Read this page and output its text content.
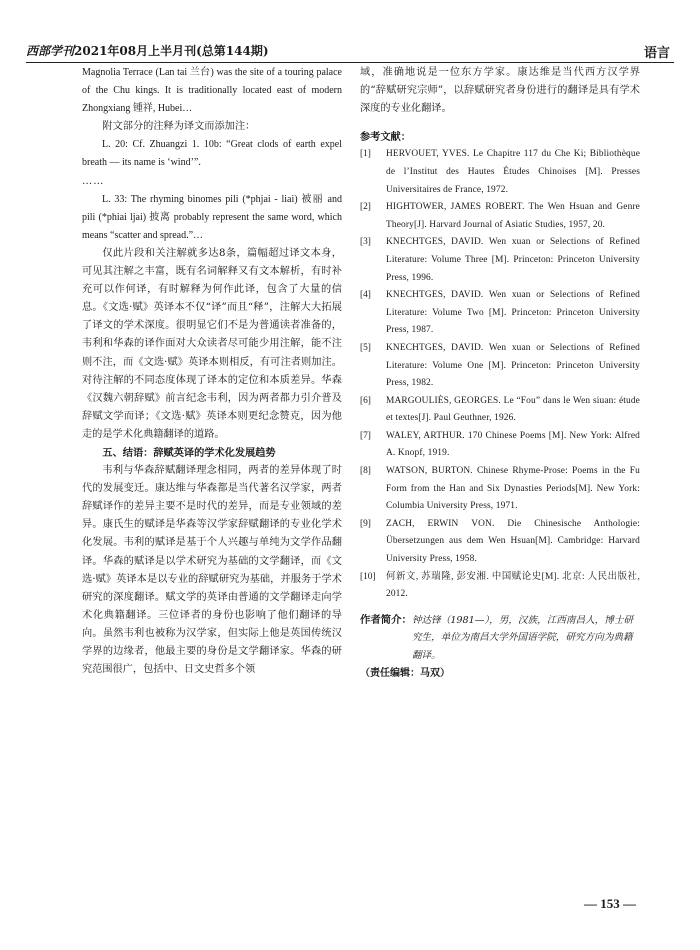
西部学刊2021年08月上半月刊(总第144期)	语言

Magnolia Terrace (Lan tai 兰台) was the site of a touring palace of the Chu kings. It is traditionally located east of modern Zhongxiang 锺祥, Hubei…

附文部分的注释为译文而添加注：

L. 20: Cf. Zhuangzi 1. 10b: “Great clods of earth expel breath — its name is ‘wind’”.

……

L. 33: The rhyming binomes pili (*phjai - liai) 被丽 and pili (*phiai ljai) 披离 probably represent the same word, which means “scatter and spread.”…

仅此片段和关注解就多达8条，篇幅超过译文本身，可见其注解之丰富，既有名词解释又有文本解析，有时补充可以作何译，有时解释为何作此译，包含了大量的信息。《文选·赋》英译本不仅“译”而且“释”，注解大大拓展了译文的学术深度。很明显它们不是为普通读者准备的，韦利和华森的译作面对大众读者尽可能少用注解，能不注则不注，而《文选·赋》英译本则相反，有可注者则加注。对待注解的不同态度体现了译本的定位和本质差异。华森《汉魏六朝辞赋》前言纪念韦利，因为两者都力引介普及辞赋文学而译；《文选·赋》英译本则更纪念赞克，因为他走的是学术化典籍翻译的道路。

五、结语：辞赋英译的学术化发展趋势

韦利与华森辞赋翻译理念相同，两者的差异体现了时代的发展变迁。康达维与华森都是当代著名汉学家，两者辞赋译作的差异主要不是时代的差异，而是专业领域的差异。康氏生的赋译是华森等汉学家辞赋翻译的专业化学术化发展。韦利的赋译是基于个人兴趣与单纯为文学作品翻译。华森的赋译是以学术研究为基础的文学翻译，而《文选·赋》英译本是以专业的辞赋研究为基础，并服务于学术研究的深度翻译。赋文学的英译由普通的文学翻译走向学术化典籍翻译。三位译者的身份也影响了他们翻译的导向。虽然韦利也被称为汉学家，但实际上他是英国传统汉学界的边缘者，他最主要的身份是文学翻译家。华森的研究范围很广，包括中、日文史哲多个领

域，准确地说是一位东方学家。康达维是当代西方汉学界的“辞赋研究宗师”，以辞赋研究者身份进行的翻译是具有学术深度的专业化翻译。

参考文献：

[1]	HERVOUET, YVES. Le Chapitre 117 du Che Ki; Bibliothèque de l’Institut des Hautes Études Chinoises [M]. Presses Universitaires de France, 1972.
[2]	HIGHTOWER, JAMES ROBERT. The Wen Hsuan and Genre Theory[J]. Harvard Journal of Asiatic Studies, 1957, 20.
[3]	KNECHTGES, DAVID. Wen xuan or Selections of Refined Literature: Volume Three [M]. Princeton: Princeton University Press, 1996.
[4]	KNECHTGES, DAVID. Wen xuan or Selections of Refined Literature: Volume Two [M]. Princeton: Princeton University Press, 1987.
[5]	KNECHTGES, DAVID. Wen xuan or Selections of Refined Literature: Volume One [M]. Princeton: Princeton University Press, 1982.
[6]	MARGOULIÈS, GEORGES. Le “Fou” dans le Wen siuan: étude et textes[J]. Paul Geuthner, 1926.
[7]	WALEY, ARTHUR. 170 Chinese Poems [M]. New York: Alfred A. Knopf, 1919.
[8]	WATSON, BURTON. Chinese Rhyme-Prose: Poems in the Fu Form from the Han and Six Dynasties Periods[M]. New York: Columbia University Press, 1971.
[9]	ZACH, ERWIN VON. Die Chinesische Anthologie: Übersetzungen aus dem Wen Hsuan[M]. Cambridge: Harvard University Press, 1958.
[10]	何新文, 苏瑞隆, 彭安湘. 中国赋论史[M]. 北京: 人民出版社, 2012.
作者简介： 钟达锋（1981—），男，汉族，江西南昌人，博士研究生，单位为南昌大学外国语学院，研究方向为典籍翻译。

（责任编辑：马双）

— 153 —
